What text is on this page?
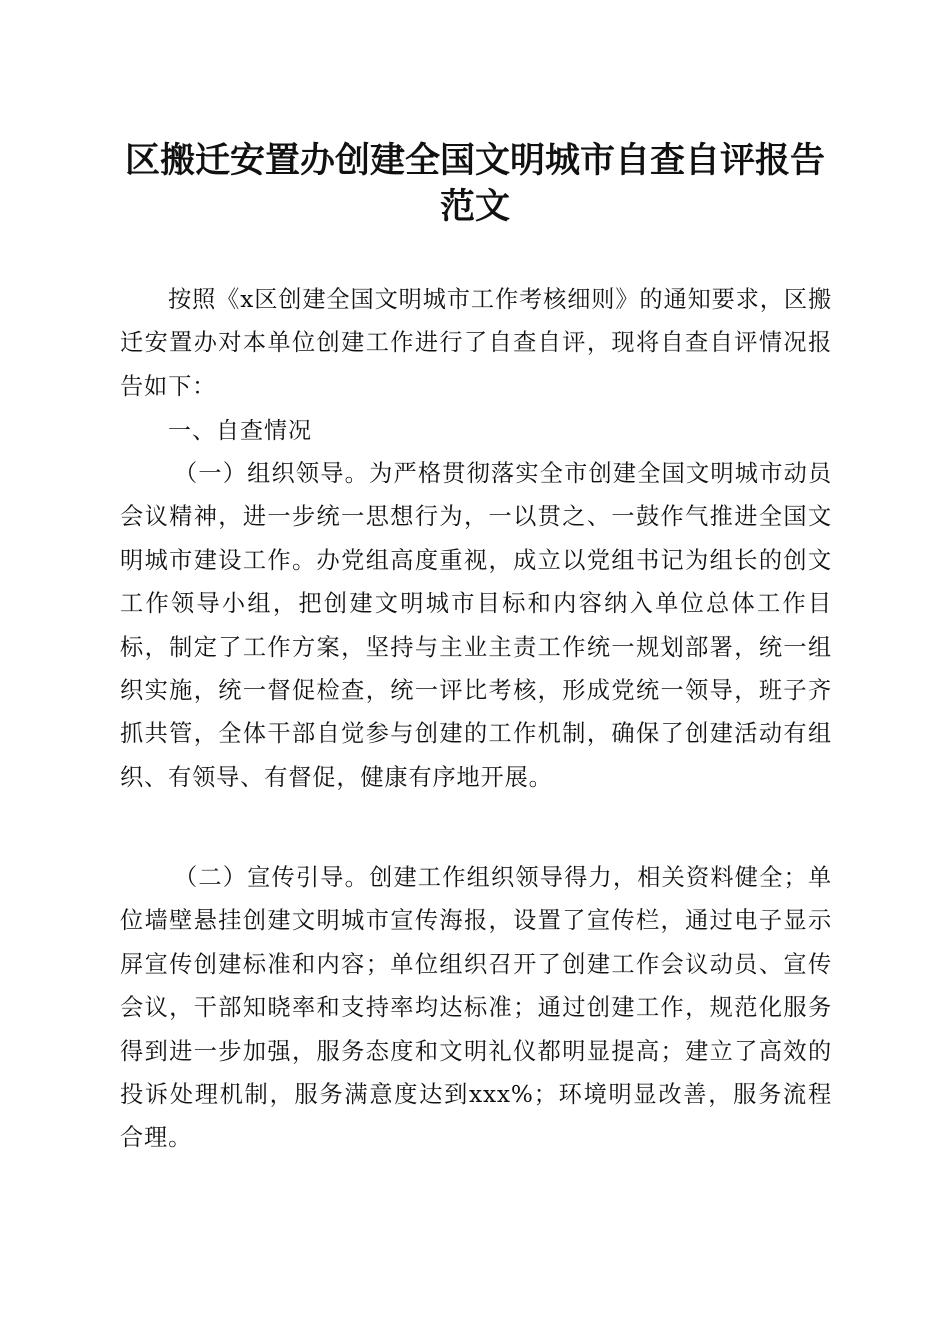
区搬迁安置办创建全国文明城市自查自评报告
范文

按照《x区创建全国文明城市工作考核细则》的通知要求，区搬迁安置办对本单位创建工作进行了自查自评，现将自查自评情况报告如下：

一、自查情况

（一）组织领导。为严格贯彻落实全市创建全国文明城市动员会议精神，进一步统一思想行为，一以贯之、一鼓作气推进全国文明城市建设工作。办党组高度重视，成立以党组书记为组长的创文工作领导小组，把创建文明城市目标和内容纳入单位总体工作目标，制定了工作方案，坚持与主业主责工作统一规划部署，统一组织实施，统一督促检查，统一评比考核，形成党统一领导，班子齐抓共管，全体干部自觉参与创建的工作机制，确保了创建活动有组织、有领导、有督促，健康有序地开展。

（二）宣传引导。创建工作组织领导得力，相关资料健全；单位墙壁悬挂创建文明城市宣传海报，设置了宣传栏，通过电子显示屏宣传创建标准和内容；单位组织召开了创建工作会议动员、宣传会议，干部知晓率和支持率均达标准；通过创建工作，规范化服务得到进一步加强，服务态度和文明礼仪都明显提高；建立了高效的投诉处理机制，服务满意度达到xxx%；环境明显改善，服务流程合理。
